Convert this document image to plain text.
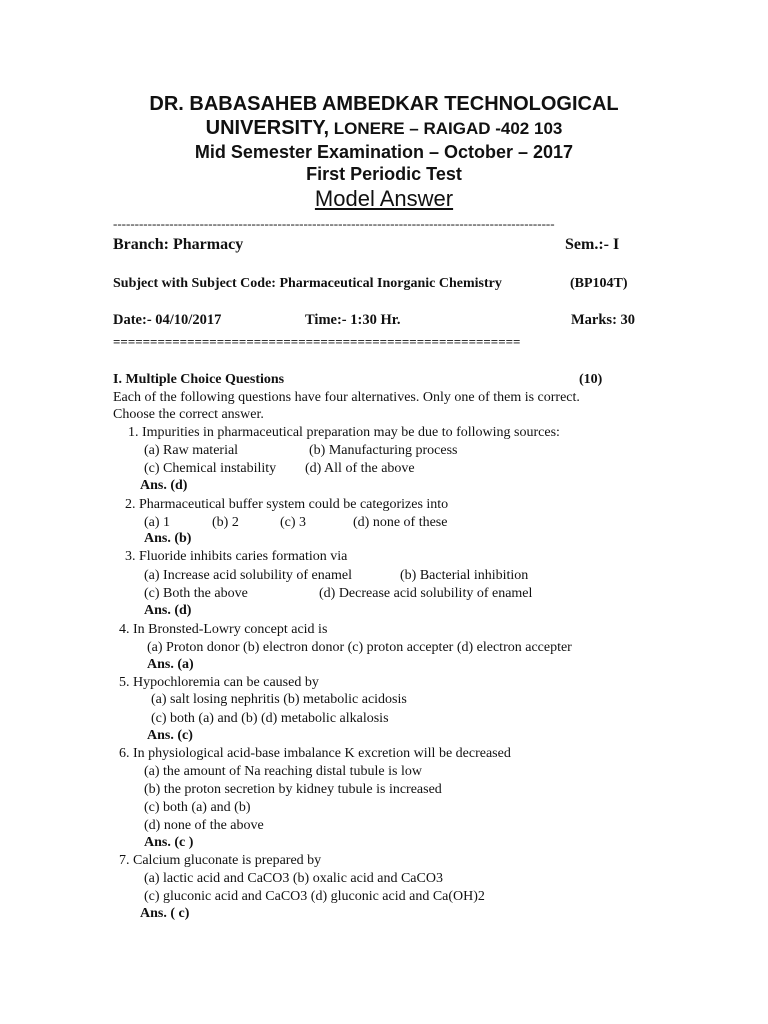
DR. BABASAHEB AMBEDKAR TECHNOLOGICAL
UNIVERSITY, LONERE – RAIGAD -402 103
Mid Semester Examination – October – 2017
First Periodic Test
Model Answer
------------------------------------------------------------------------------------------------------
Branch: Pharmacy	Sem.:- I
Subject with Subject Code: Pharmaceutical Inorganic Chemistry	(BP104T)
Date:- 04/10/2017	Time:- 1:30 Hr.	Marks: 30
=======================================================
I. Multiple Choice Questions	(10)
Each of the following questions have four alternatives. Only one of them is correct.
Choose the correct answer.
1. Impurities in pharmaceutical preparation may be due to following sources:
(a) Raw material	(b) Manufacturing process
(c) Chemical instability (d) All of the above
Ans. (d)
2. Pharmaceutical buffer system could be categorizes into
(a) 1	(b) 2	(c) 3	(d) none of these
Ans. (b)
3. Fluoride inhibits caries formation via
(a) Increase acid solubility of enamel	(b) Bacterial inhibition
(c) Both the above	(d) Decrease acid solubility of enamel
Ans. (d)
4. In Bronsted-Lowry concept acid is
(a) Proton donor (b) electron donor (c) proton accepter (d) electron accepter
Ans. (a)
5. Hypochloremia can be caused by
(a) salt losing nephritis (b) metabolic acidosis
(c) both (a) and (b) (d) metabolic alkalosis
Ans. (c)
6. In physiological acid-base imbalance K excretion will be decreased
(a) the amount of Na reaching distal tubule is low
(b) the proton secretion by kidney tubule is increased
(c) both (a) and (b)
(d) none of the above
Ans. (c )
7. Calcium gluconate is prepared by
(a) lactic acid and CaCO3 (b) oxalic acid and CaCO3
(c) gluconic acid and CaCO3 (d) gluconic acid and Ca(OH)2
Ans. ( c)
